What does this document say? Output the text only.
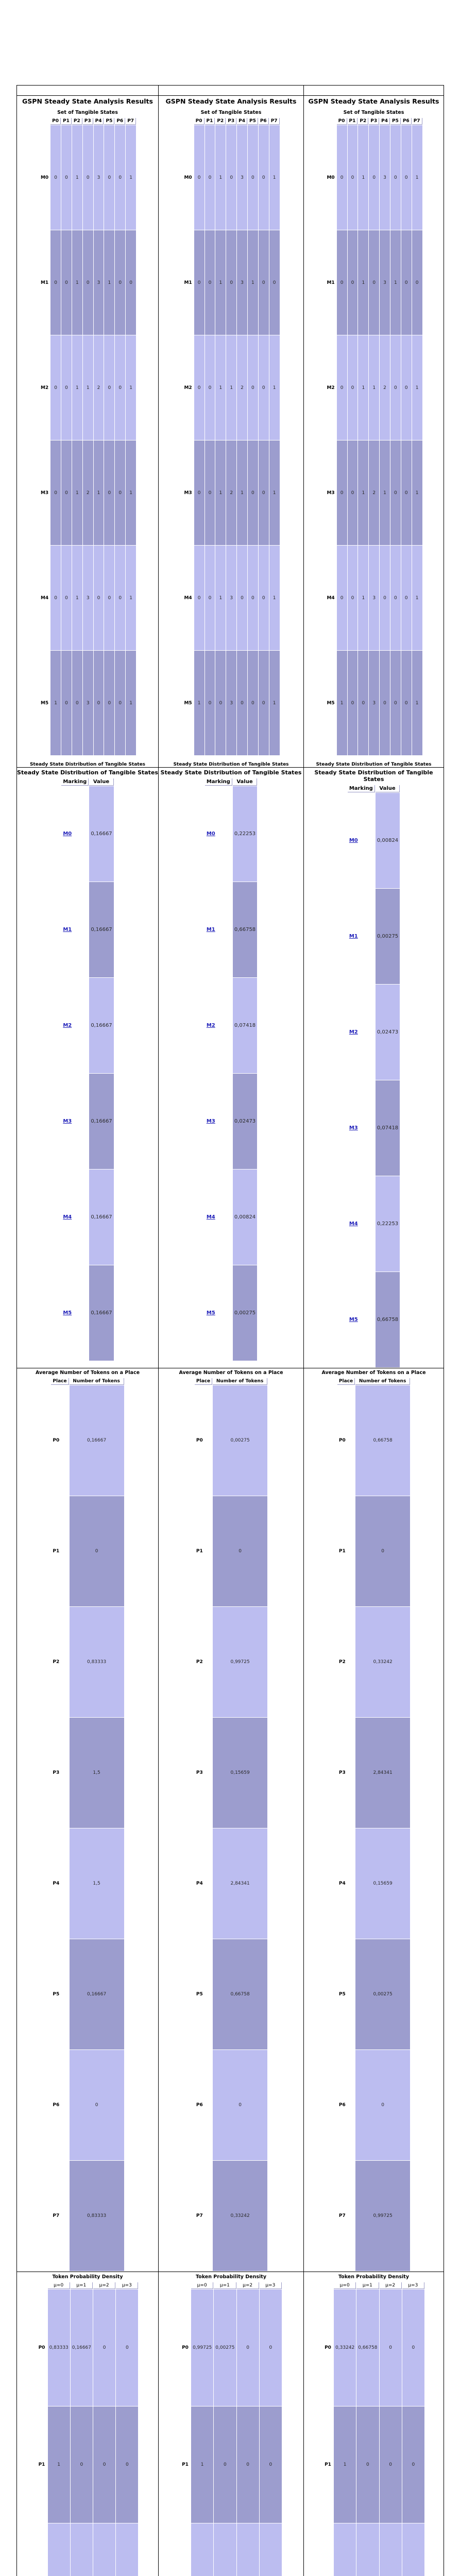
GSPN Steady State Analysis Results
Set of Tangible States
	P0	P1	P2	P3	P4	P5	P6	P7
M0	0	0	1	0	3	0	0	1
M1	0	0	1	0	3	1	0	0
M2	0	0	1	1	2	0	0	1
M3	0	0	1	2	1	0	0	1
M4	0	0	1	3	0	0	0	1
M5	1	0	0	3	0	0	0	1
Steady State Distribution of Tangible States

GSPN Steady State Analysis Results
Set of Tangible States
	P0	P1	P2	P3	P4	P5	P6	P7
M0	0	0	1	0	3	0	0	1
M1	0	0	1	0	3	1	0	0
M2	0	0	1	1	2	0	0	1
M3	0	0	1	2	1	0	0	1
M4	0	0	1	3	0	0	0	1
M5	1	0	0	3	0	0	0	1
Steady State Distribution of Tangible States

GSPN Steady State Analysis Results
Set of Tangible States
	P0	P1	P2	P3	P4	P5	P6	P7
M0	0	0	1	0	3	0	0	1
M1	0	0	1	0	3	1	0	0
M2	0	0	1	1	2	0	0	1
M3	0	0	1	2	1	0	0	1
M4	0	0	1	3	0	0	0	1
M5	1	0	0	3	0	0	0	1
Steady State Distribution of Tangible States

Steady State Distribution of Tangible States
Marking	Value
M0	0,16667
M1	0,16667
M2	0,16667
M3	0,16667
M4	0,16667
M5	0,16667

Steady State Distribution of Tangible States
Marking	Value
M0	0,22253
M1	0,66758
M2	0,07418
M3	0,02473
M4	0,00824
M5	0,00275

Steady State Distribution of Tangible States
Marking	Value
M0	0,00824
M1	0,00275
M2	0,02473
M3	0,07418
M4	0,22253
M5	0,66758

Average Number of Tokens on a Place
Place	Number of Tokens
P0	0,16667
P1	0
P2	0,83333
P3	1,5
P4	1,5
P5	0,16667
P6	0
P7	0,83333

Average Number of Tokens on a Place
Place	Number of Tokens
P0	0,00275
P1	0
P2	0,99725
P3	0,15659
P4	2,84341
P5	0,66758
P6	0
P7	0,33242

Average Number of Tokens on a Place
Place	Number of Tokens
P0	0,66758
P1	0
P2	0,33242
P3	2,84341
P4	0,15659
P5	0,00275
P6	0
P7	0,99725

Token Probability Density
	μ=0	μ=1	μ=2	μ=3
P0	0,83333	0,16667	0	0
P1	1	0	0	0

Token Probability Density
	μ=0	μ=1	μ=2	μ=3
P0	0,99725	0,00275	0	0
P1	1	0	0	0

Token Probability Density
	μ=0	μ=1	μ=2	μ=3
P0	0,33242	0,66758	0	0
P1	1	0	0	0
